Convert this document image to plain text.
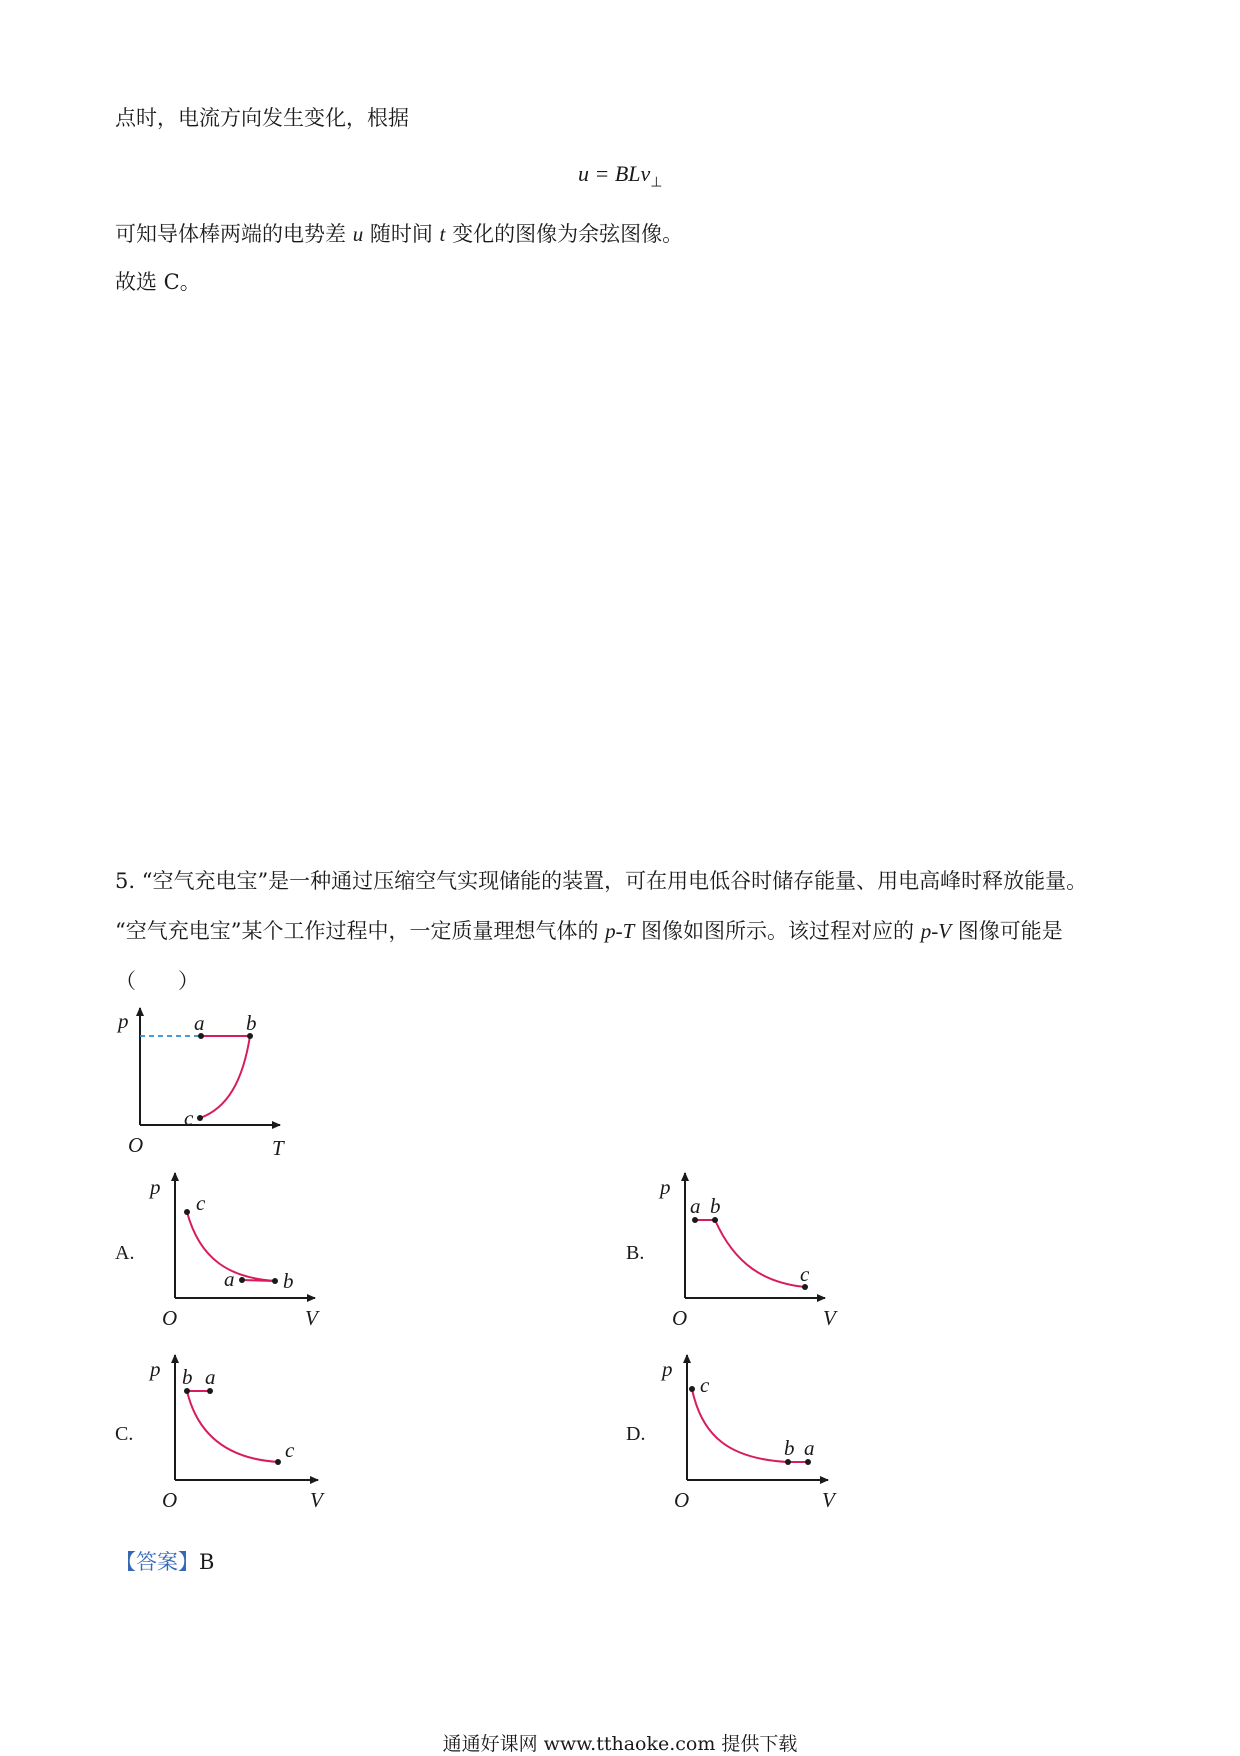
点时，电流方向发生变化，根据
u = BLv$_\perp$
可知导体棒两端的电势差 u 随时间 t 变化的图像为余弦图像。
故选 C。
5. “空气充电宝”是一种通过压缩空气实现储能的装置，可在用电低谷时储存能量、用电高峰时释放能量。
“空气充电宝”某个工作过程中，一定质量理想气体的 p-T 图像如图所示。该过程对应的 p-V 图像可能是
（　　）
p
T
O
a b
c
A.
p
V
O
c
a b
B.
p
V
O
a b
c
C.
p
V
O
b a
c
D.
p
V
O
c
b a
【答案】B
通通好课网 www.tthaoke.com 提供下载
